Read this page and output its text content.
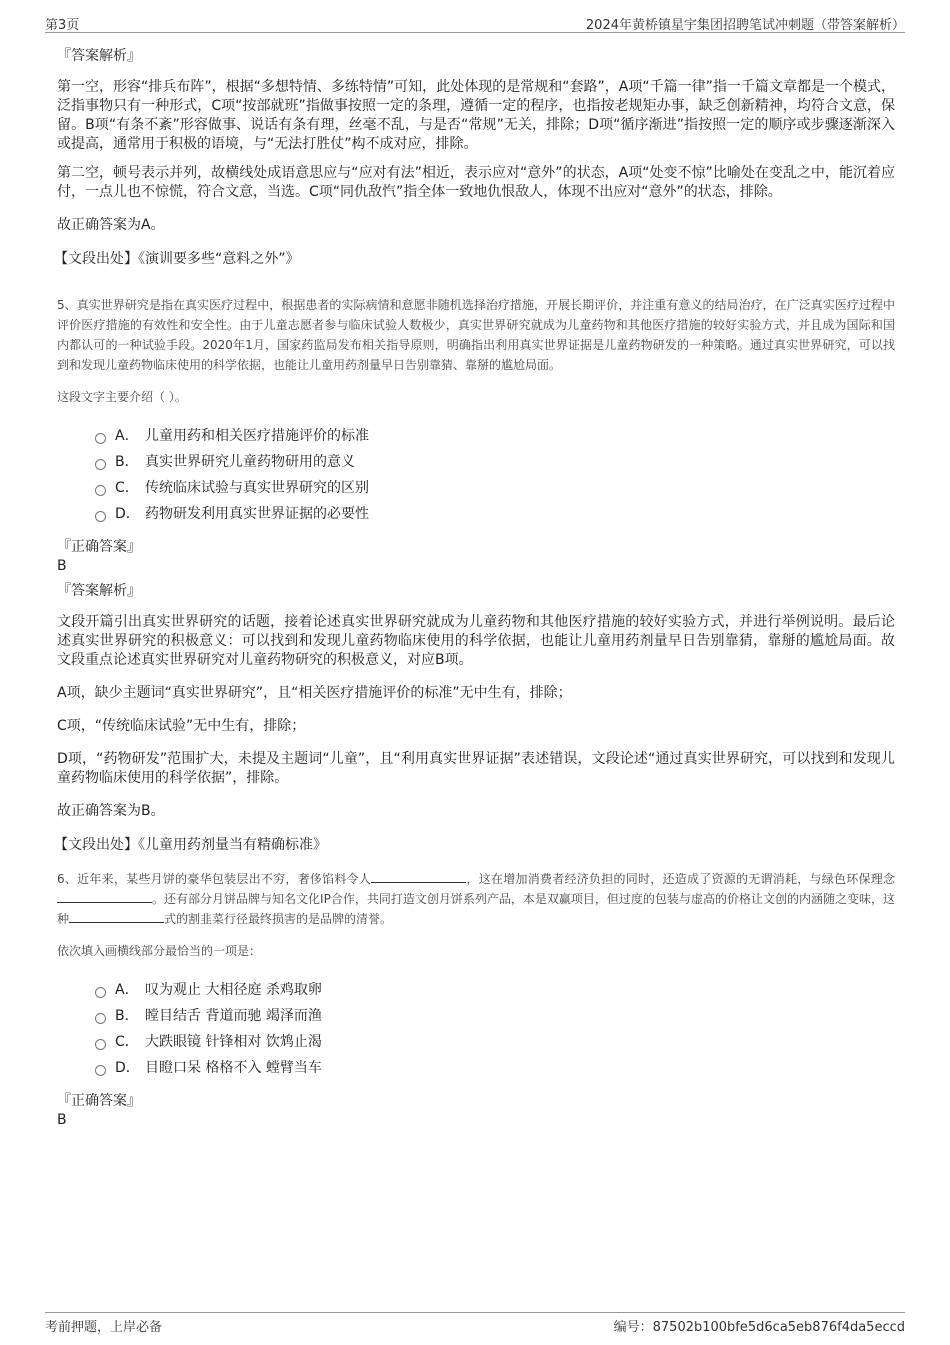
第3页	2024年黄桥镇星宇集团招聘笔试冲刺题（带答案解析）
『答案解析』

第一空，形容“排兵布阵”，根据“多想特情、多练特情”可知，此处体现的是常规和“套路”，A项“千篇一律”指一千篇文章都是一个模式，泛指事物只有一种形式，C项“按部就班”指做事按照一定的条理，遵循一定的程序，也指按老规矩办事，缺乏创新精神，均符合文意，保留。B项“有条不紊”形容做事、说话有条有理，丝毫不乱，与是否“常规”无关，排除；D项“循序渐进”指按照一定的顺序或步骤逐渐深入或提高，通常用于积极的语境，与“无法打胜仗”构不成对应，排除。

第二空，顿号表示并列，故横线处成语意思应与“应对有法”相近，表示应对“意外”的状态，A项“处变不惊”比喻处在变乱之中，能沉着应付，一点儿也不惊慌，符合文意，当选。C项“同仇敌忾”指全体一致地仇恨敌人，体现不出应对“意外”的状态，排除。

故正确答案为A。

【文段出处】《演训要多些“意料之外”》

5、真实世界研究是指在真实医疗过程中，根据患者的实际病情和意愿非随机选择治疗措施，开展长期评价，并注重有意义的结局治疗，在广泛真实医疗过程中评价医疗措施的有效性和安全性。由于儿童志愿者参与临床试验人数极少，真实世界研究就成为儿童药物和其他医疗措施的较好实验方式，并且成为国际和国内都认可的一种试验手段。2020年1月，国家药监局发布相关指导原则，明确指出利用真实世界证据是儿童药物研发的一种策略。通过真实世界研究，可以找到和发现儿童药物临床使用的科学依据，也能让儿童用药剂量早日告别靠猜、靠掰的尴尬局面。

这段文字主要介绍（ ）。
A． 儿童用药和相关医疗措施评价的标准
B． 真实世界研究儿童药物研用的意义
C． 传统临床试验与真实世界研究的区别
D． 药物研发利用真实世界证据的必要性
『正确答案』
B
『答案解析』

文段开篇引出真实世界研究的话题，接着论述真实世界研究就成为儿童药物和其他医疗措施的较好实验方式，并进行举例说明。最后论述真实世界研究的积极意义：可以找到和发现儿童药物临床使用的科学依据，也能让儿童用药剂量早日告别靠猜，靠掰的尴尬局面。故文段重点论述真实世界研究对儿童药物研究的积极意义，对应B项。

A项，缺少主题词“真实世界研究”，且“相关医疗措施评价的标准”无中生有，排除；

C项，“传统临床试验”无中生有，排除；

D项，“药物研发”范围扩大，未提及主题词“儿童”，且“利用真实世界证据”表述错误，文段论述“通过真实世界研究，可以找到和发现儿童药物临床使用的科学依据”，排除。

故正确答案为B。

【文段出处】《儿童用药剂量当有精确标准》

6、近年来，某些月饼的豪华包装层出不穷，奢侈馅料令人	，这在增加消费者经济负担的同时，还造成了资源的无谓消耗，与绿色环保理念。还有部分月饼品牌与知名文化IP合作，共同打造文创月饼系列产品，本是双赢项目，但过度的包装与虚高的价格让文创的内涵随之变味，这种	式的割韭菜行径最终损害的是品牌的清誉。

依次填入画横线部分最恰当的一项是：
A． 叹为观止 大相径庭 杀鸡取卵
B． 瞠目结舌 背道而驰 竭泽而渔
C． 大跌眼镜 针锋相对 饮鸩止渴
D． 目瞪口呆 格格不入 螳臂当车
『正确答案』
B
考前押题，上岸必备	编号：87502b100bfe5d6ca5eb876f4da5eccd
